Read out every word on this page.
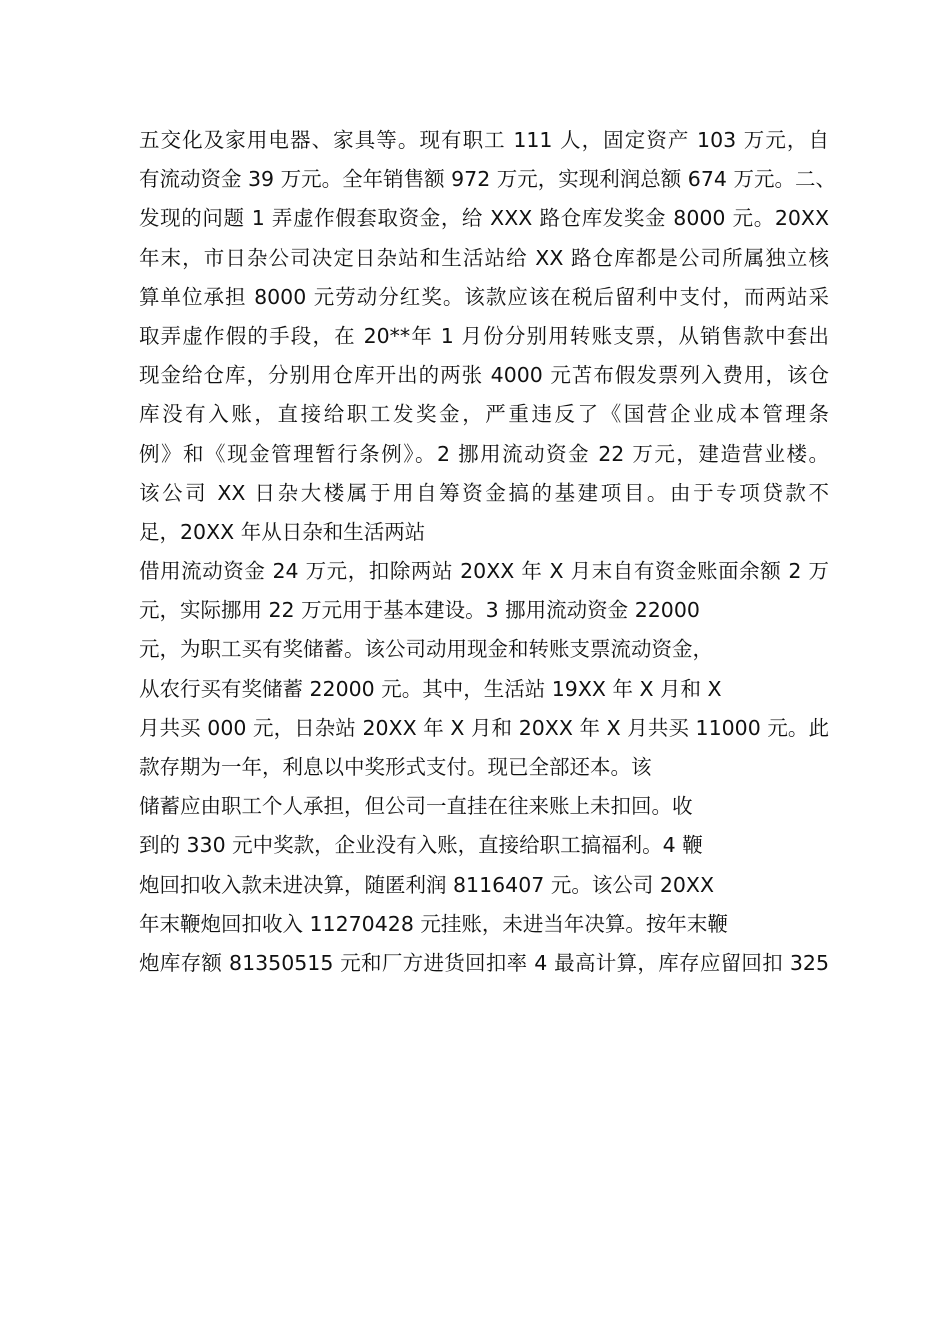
五交化及家用电器、家具等。现有职工 111 人，固定资产 103 万元，自
有流动资金 39 万元。全年销售额 972 万元，实现利润总额 674 万元。二、
发现的问题 1 弄虚作假套取资金，给 XXX 路仓库发奖金 8000 元。20XX
年末，市日杂公司决定日杂站和生活站给 XX 路仓库都是公司所属独立核
算单位承担 8000 元劳动分红奖。该款应该在税后留利中支付，而两站采
取弄虚作假的手段，在 20**年 1 月份分别用转账支票，从销售款中套出
现金给仓库，分别用仓库开出的两张 4000 元苫布假发票列入费用，该仓
库没有入账，直接给职工发奖金，严重违反了《国营企业成本管理条
例》和《现金管理暂行条例》。2 挪用流动资金 22 万元，建造营业楼。
该公司 XX 日杂大楼属于用自筹资金搞的基建项目。由于专项贷款不
足，20XX 年从日杂和生活两站
借用流动资金 24 万元，扣除两站 20XX 年 X 月末自有资金账面余额 2 万
元，实际挪用 22 万元用于基本建设。3 挪用流动资金 22000
元，为职工买有奖储蓄。该公司动用现金和转账支票流动资金，
从农行买有奖储蓄 22000 元。其中，生活站 19XX 年 X 月和 X
月共买 000 元，日杂站 20XX 年 X 月和 20XX 年 X 月共买 11000 元。此
款存期为一年，利息以中奖形式支付。现已全部还本。该
储蓄应由职工个人承担，但公司一直挂在往来账上未扣回。收
到的 330 元中奖款，企业没有入账，直接给职工搞福利。4 鞭
炮回扣收入款未进决算，随匿利润 8116407 元。该公司 20XX
年末鞭炮回扣收入 11270428 元挂账，未进当年决算。按年末鞭
炮库存额 81350515 元和厂方进货回扣率 4 最高计算，库存应留回扣 325
